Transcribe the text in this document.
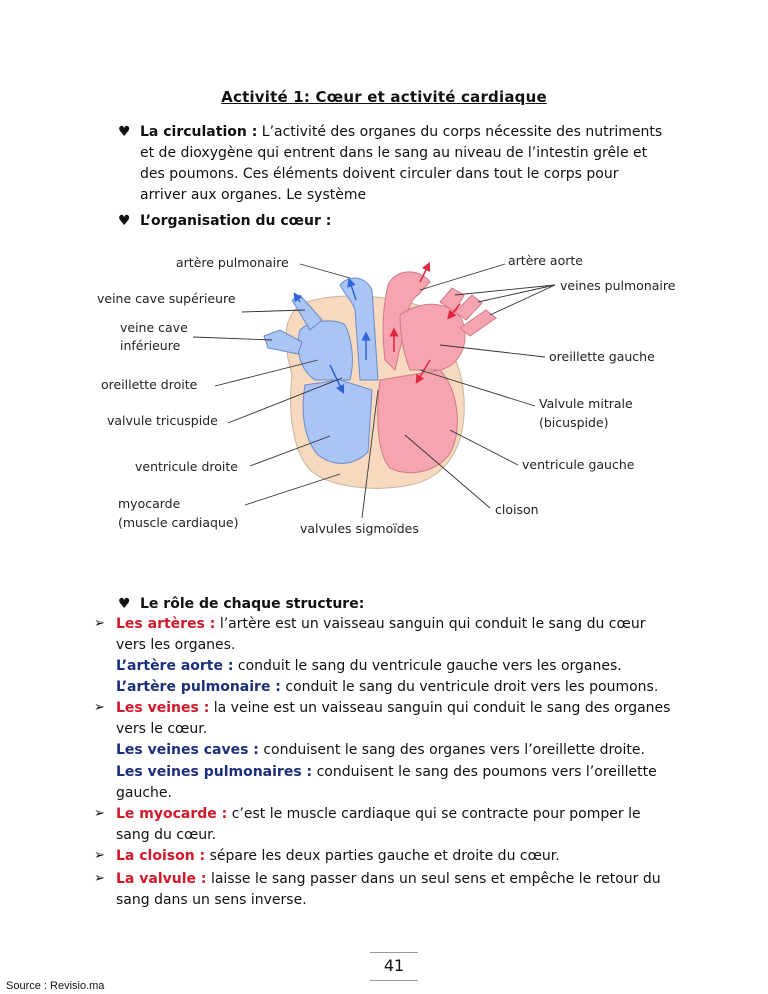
Activité 1: Cœur et activité cardiaque
♥ La circulation : L’activité des organes du corps nécessite des nutriments
et de dioxygène qui entrent dans le sang au niveau de l’intestin grêle et
des poumons. Ces éléments doivent circuler dans tout le corps pour
arriver aux organes. Le système
♥ L’organisation du cœur :
artère pulmonaire	artère aorte
veines pulmonaire
veine cave supérieure
veine cave
inférieure
oreillette gauche
oreillette droite
Valvule mitrale
(bicuspide)
valvule tricuspide
ventricule droite	ventricule gauche
myocarde
(muscle cardiaque)
cloison
valvules sigmoïdes
♥ Le rôle de chaque structure:
➢ Les artères : l’artère est un vaisseau sanguin qui conduit le sang du cœur
vers les organes.
L’artère aorte : conduit le sang du ventricule gauche vers les organes.
L’artère pulmonaire : conduit le sang du ventricule droit vers les poumons.
➢ Les veines : la veine est un vaisseau sanguin qui conduit le sang des organes
vers le cœur.
Les veines caves : conduisent le sang des organes vers l’oreillette droite.
Les veines pulmonaires : conduisent le sang des poumons vers l’oreillette
gauche.
➢ Le myocarde : c’est le muscle cardiaque qui se contracte pour pomper le
sang du cœur.
➢ La cloison : sépare les deux parties gauche et droite du cœur.
➢ La valvule : laisse le sang passer dans un seul sens et empêche le retour du
sang dans un sens inverse.
41
Source : Revisio.ma
